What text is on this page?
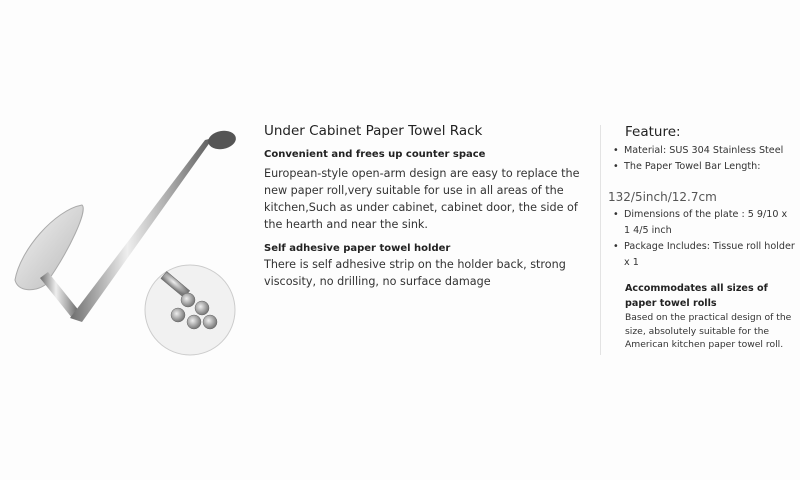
Under Cabinet Paper Towel Rack
Convenient and frees up counter space
European-style open-arm design are easy to replace the new paper roll,very suitable for use in all areas of the kitchen,Such as under cabinet, cabinet door, the side of the hearth and near the sink.
Self adhesive paper towel holder
There is self adhesive strip on the holder back, strong viscosity, no drilling, no surface damage
Feature:
• Material: SUS 304 Stainless Steel
• The Paper Towel Bar Length:
132/5inch/12.7cm
• Dimensions of the plate : 5 9/10 x 1 4/5 inch
• Package Includes: Tissue roll holder x 1
Accommodates all sizes of paper towel rolls
Based on the practical design of the size, absolutely suitable for the American kitchen paper towel roll.
